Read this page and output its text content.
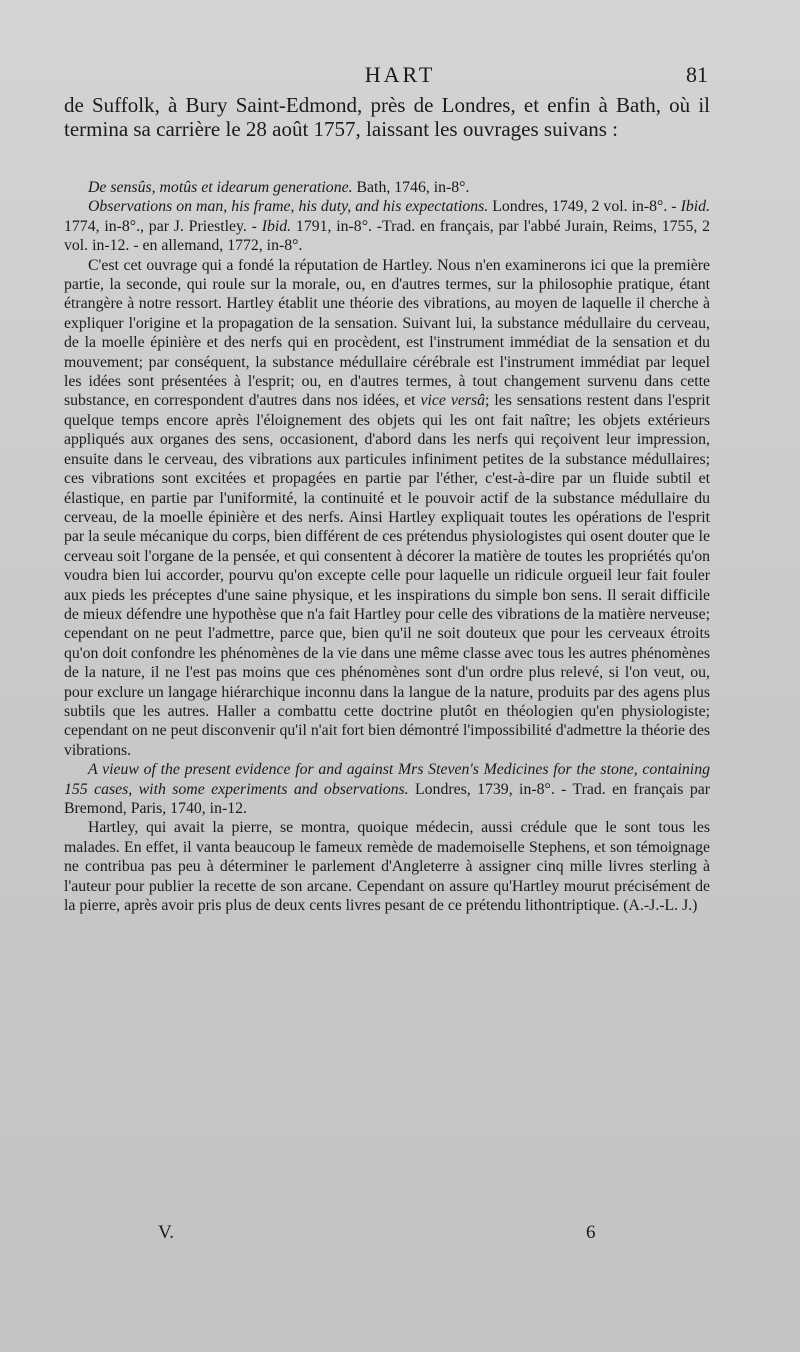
HART	81

de Suffolk, à Bury Saint-Edmond, près de Londres, et enfin à Bath, où il termina sa carrière le 28 août 1757, laissant les ouvrages suivans :

De sensûs, motûs et idearum generatione. Bath, 1746, in-8°.

Observations on man, his frame, his duty, and his expectations. Londres, 1749, 2 vol. in-8°. - Ibid. 1774, in-8°., par J. Priestley. - Ibid. 1791, in-8°. -Trad. en français, par l'abbé Jurain, Reims, 1755, 2 vol. in-12. - en allemand, 1772, in-8°.

C'est cet ouvrage qui a fondé la réputation de Hartley. Nous n'en examinerons ici que la première partie, la seconde, qui roule sur la morale, ou, en d'autres termes, sur la philosophie pratique, étant étrangère à notre ressort. Hartley établit une théorie des vibrations, au moyen de laquelle il cherche à expliquer l'origine et la propagation de la sensation. Suivant lui, la substance médullaire du cerveau, de la moelle épinière et des nerfs qui en procèdent, est l'instrument immédiat de la sensation et du mouvement; par conséquent, la substance médullaire cérébrale est l'instrument immédiat par lequel les idées sont présentées à l'esprit; ou, en d'autres termes, à tout changement survenu dans cette substance, en correspondent d'autres dans nos idées, et vice versâ; les sensations restent dans l'esprit quelque temps encore après l'éloignement des objets qui les ont fait naître; les objets extérieurs appliqués aux organes des sens, occasionent, d'abord dans les nerfs qui reçoivent leur impression, ensuite dans le cerveau, des vibrations aux particules infiniment petites de la substance médullaires; ces vibrations sont excitées et propagées en partie par l'éther, c'est-à-dire par un fluide subtil et élastique, en partie par l'uniformité, la continuité et le pouvoir actif de la substance médullaire du cerveau, de la moelle épinière et des nerfs. Ainsi Hartley expliquait toutes les opérations de l'esprit par la seule mécanique du corps, bien différent de ces prétendus physiologistes qui osent douter que le cerveau soit l'organe de la pensée, et qui consentent à décorer la matière de toutes les propriétés qu'on voudra bien lui accorder, pourvu qu'on excepte celle pour laquelle un ridicule orgueil leur fait fouler aux pieds les préceptes d'une saine physique, et les inspirations du simple bon sens. Il serait difficile de mieux défendre une hypothèse que n'a fait Hartley pour celle des vibrations de la matière nerveuse; cependant on ne peut l'admettre, parce que, bien qu'il ne soit douteux que pour les cerveaux étroits qu'on doit confondre les phénomènes de la vie dans une même classe avec tous les autres phénomènes de la nature, il ne l'est pas moins que ces phénomènes sont d'un ordre plus relevé, si l'on veut, ou, pour exclure un langage hiérarchique inconnu dans la langue de la nature, produits par des agens plus subtils que les autres. Haller a combattu cette doctrine plutôt en théologien qu'en physiologiste; cependant on ne peut disconvenir qu'il n'ait fort bien démontré l'impossibilité d'admettre la théorie des vibrations.

A vieuw of the present evidence for and against Mrs Steven's Medicines for the stone, containing 155 cases, with some experiments and observations. Londres, 1739, in-8°. - Trad. en français par Bremond, Paris, 1740, in-12.

Hartley, qui avait la pierre, se montra, quoique médecin, aussi crédule que le sont tous les malades. En effet, il vanta beaucoup le fameux remède de mademoiselle Stephens, et son témoignage ne contribua pas peu à déterminer le parlement d'Angleterre à assigner cinq mille livres sterling à l'auteur pour publier la recette de son arcane. Cependant on assure qu'Hartley mourut précisément de la pierre, après avoir pris plus de deux cents livres pesant de ce prétendu lithontriptique. (A.-J.-L. J.)

V.	6
